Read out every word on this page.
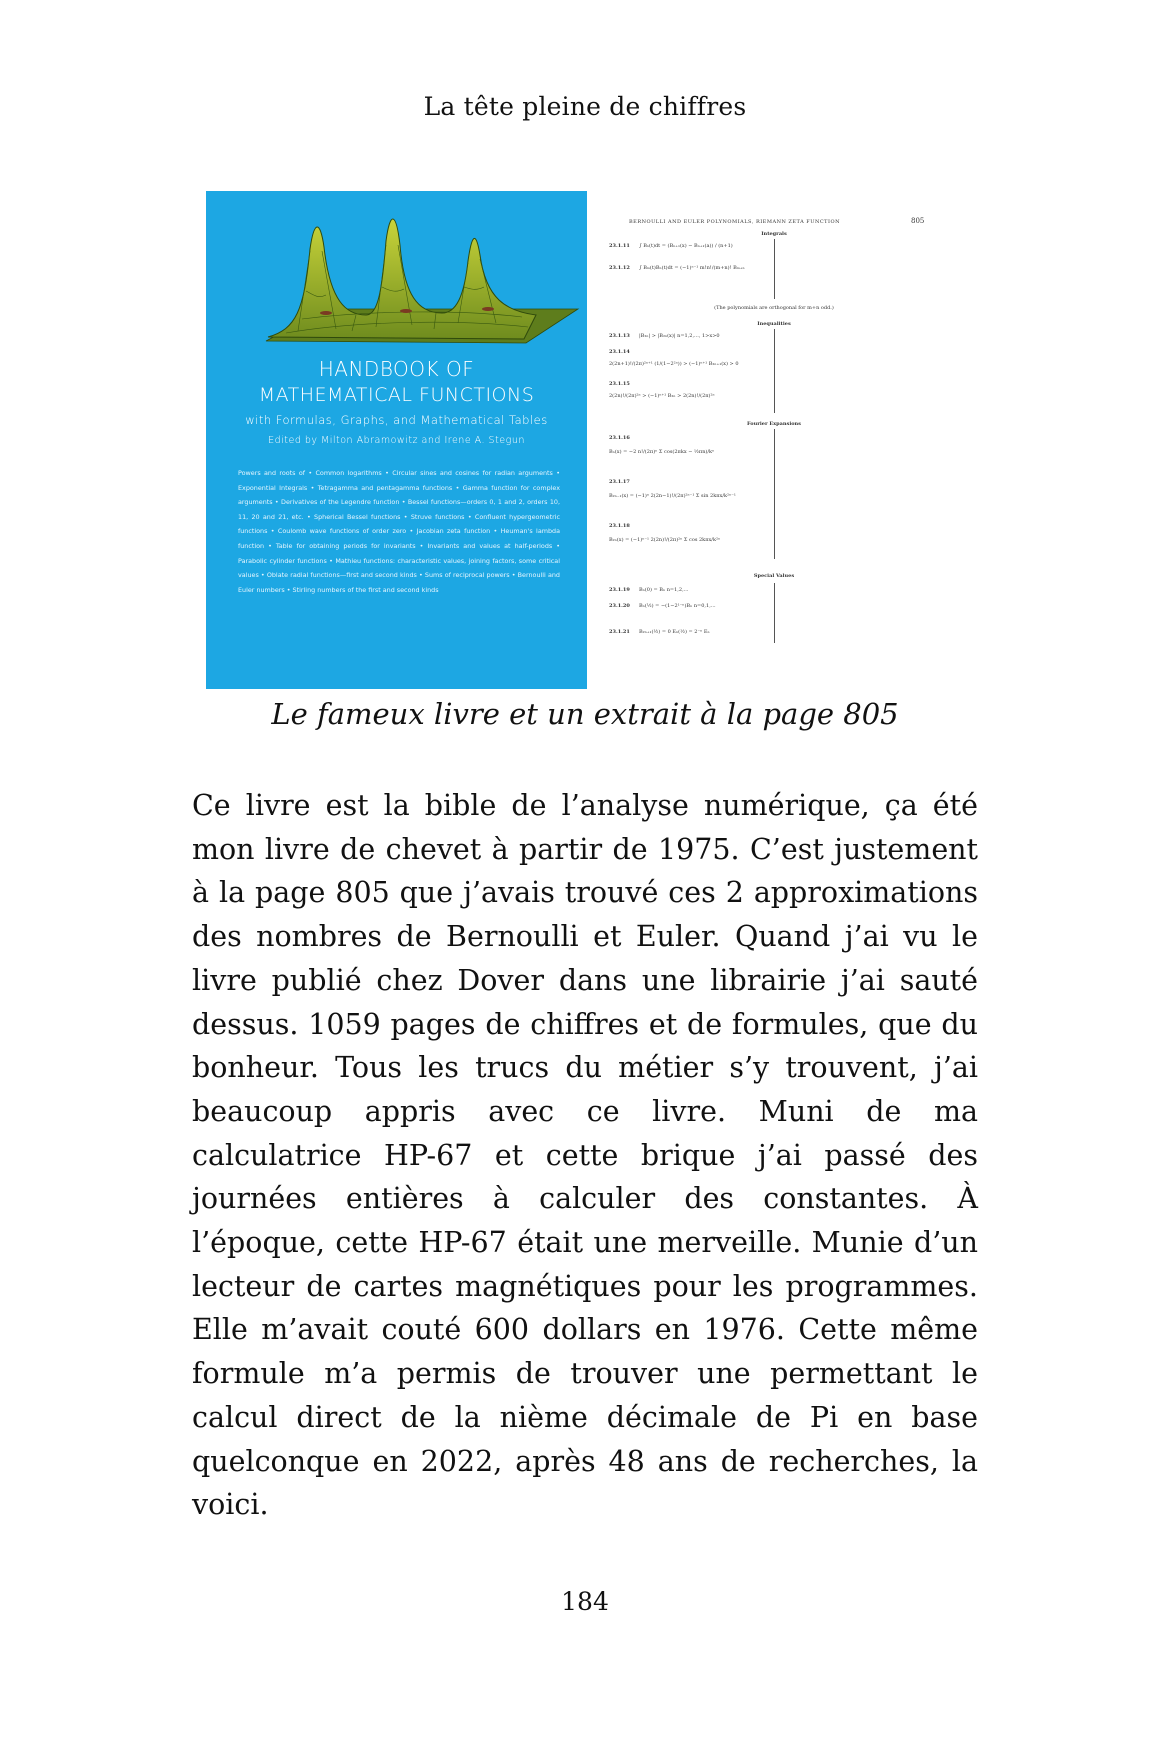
La tête pleine de chiffres
HANDBOOK OF
MATHEMATICAL FUNCTIONS
with Formulas, Graphs, and Mathematical Tables
Edited by Milton Abramowitz and Irene A. Stegun
Powers and roots of • Common logarithms • Circular sines and cosines for radian arguments • Exponential Integrals • Tetragamma and pentagamma functions • Gamma function for complex arguments • Derivatives of the Legendre function • Bessel functions—orders 0, 1 and 2, orders 10, 11, 20 and 21, etc. • Spherical Bessel functions • Struve functions • Confluent hypergeometric functions • Coulomb wave functions of order zero • Jacobian zeta function • Heuman's lambda function • Table for obtaining periods for invariants • Invariants and values at half-periods • Parabolic cylinder functions • Mathieu functions: characteristic values, joining factors, some critical values • Oblate radial functions—first and second kinds • Sums of reciprocal powers • Bernoulli and Euler numbers • Stirling numbers of the first and second kinds
BERNOULLI AND EULER POLYNOMIALS, RIEMANN ZETA FUNCTION	805
Integrals
23.1.11 ∫ Bₙ(t)dt = (Bₙ₊₁(x) − Bₙ₊₁(a)) / (n+1)
23.1.12 ∫ Bₘ(t)Bₙ(t)dt = (−1)ⁿ⁻¹ m!n!/(m+n)! Bₘ₊ₙ
(The polynomials are orthogonal for m+n odd.)
Inequalities
23.1.13 |B₂ₙ| > |B₂ₙ(x)| n=1,2,..., 1>x>0
23.1.14
2(2n+1)!/(2π)²ⁿ⁺¹ (1/(1−2²ⁿ)) > (−1)ⁿ⁺¹ B₂ₙ₊₁(x) > 0
23.1.15
2(2n)!/(2π)²ⁿ > (−1)ⁿ⁺¹ B₂ₙ > 2(2n)!/(2π)²ⁿ
Fourier Expansions
23.1.16
Bₙ(x) = −2 n!/(2π)ⁿ Σ cos(2πkx − ½πn)/kⁿ
23.1.17
B₂ₙ₋₁(x) = (−1)ⁿ 2(2n−1)!/(2π)²ⁿ⁻¹ Σ sin 2kπx/k²ⁿ⁻¹
23.1.18
B₂ₙ(x) = (−1)ⁿ⁻¹ 2(2n)!/(2π)²ⁿ Σ cos 2kπx/k²ⁿ
Special Values
23.1.19 Bₙ(0) = Bₙ n=1,2,...
23.1.20 Bₙ(½) = −(1−2¹⁻ⁿ)Bₙ n=0,1,...
23.1.21 B₂ₙ₊₁(½) = 0 Eₙ(½) = 2⁻ⁿ Eₙ
Le fameux livre et un extrait à la page 805

Ce livre est la bible de l’analyse numérique, ça été mon livre de chevet à partir de 1975. C’est justement à la page 805 que j’avais trouvé ces 2 approximations des nombres de Bernoulli et Euler. Quand j’ai vu le livre publié chez Dover dans une librairie j’ai sauté dessus. 1059 pages de chiffres et de formules, que du bonheur. Tous les trucs du métier s’y trouvent, j’ai beaucoup appris avec ce livre. Muni de ma calculatrice HP-67 et cette brique j’ai passé des journées entières à calculer des constantes. À l’époque, cette HP-67 était une merveille. Munie d’un lecteur de cartes magnétiques pour les programmes. Elle m’avait couté 600 dollars en 1976. Cette même formule m’a permis de trouver une permettant le calcul direct de la nième décimale de Pi en base quelconque en 2022, après 48 ans de recherches, la voici.

184
